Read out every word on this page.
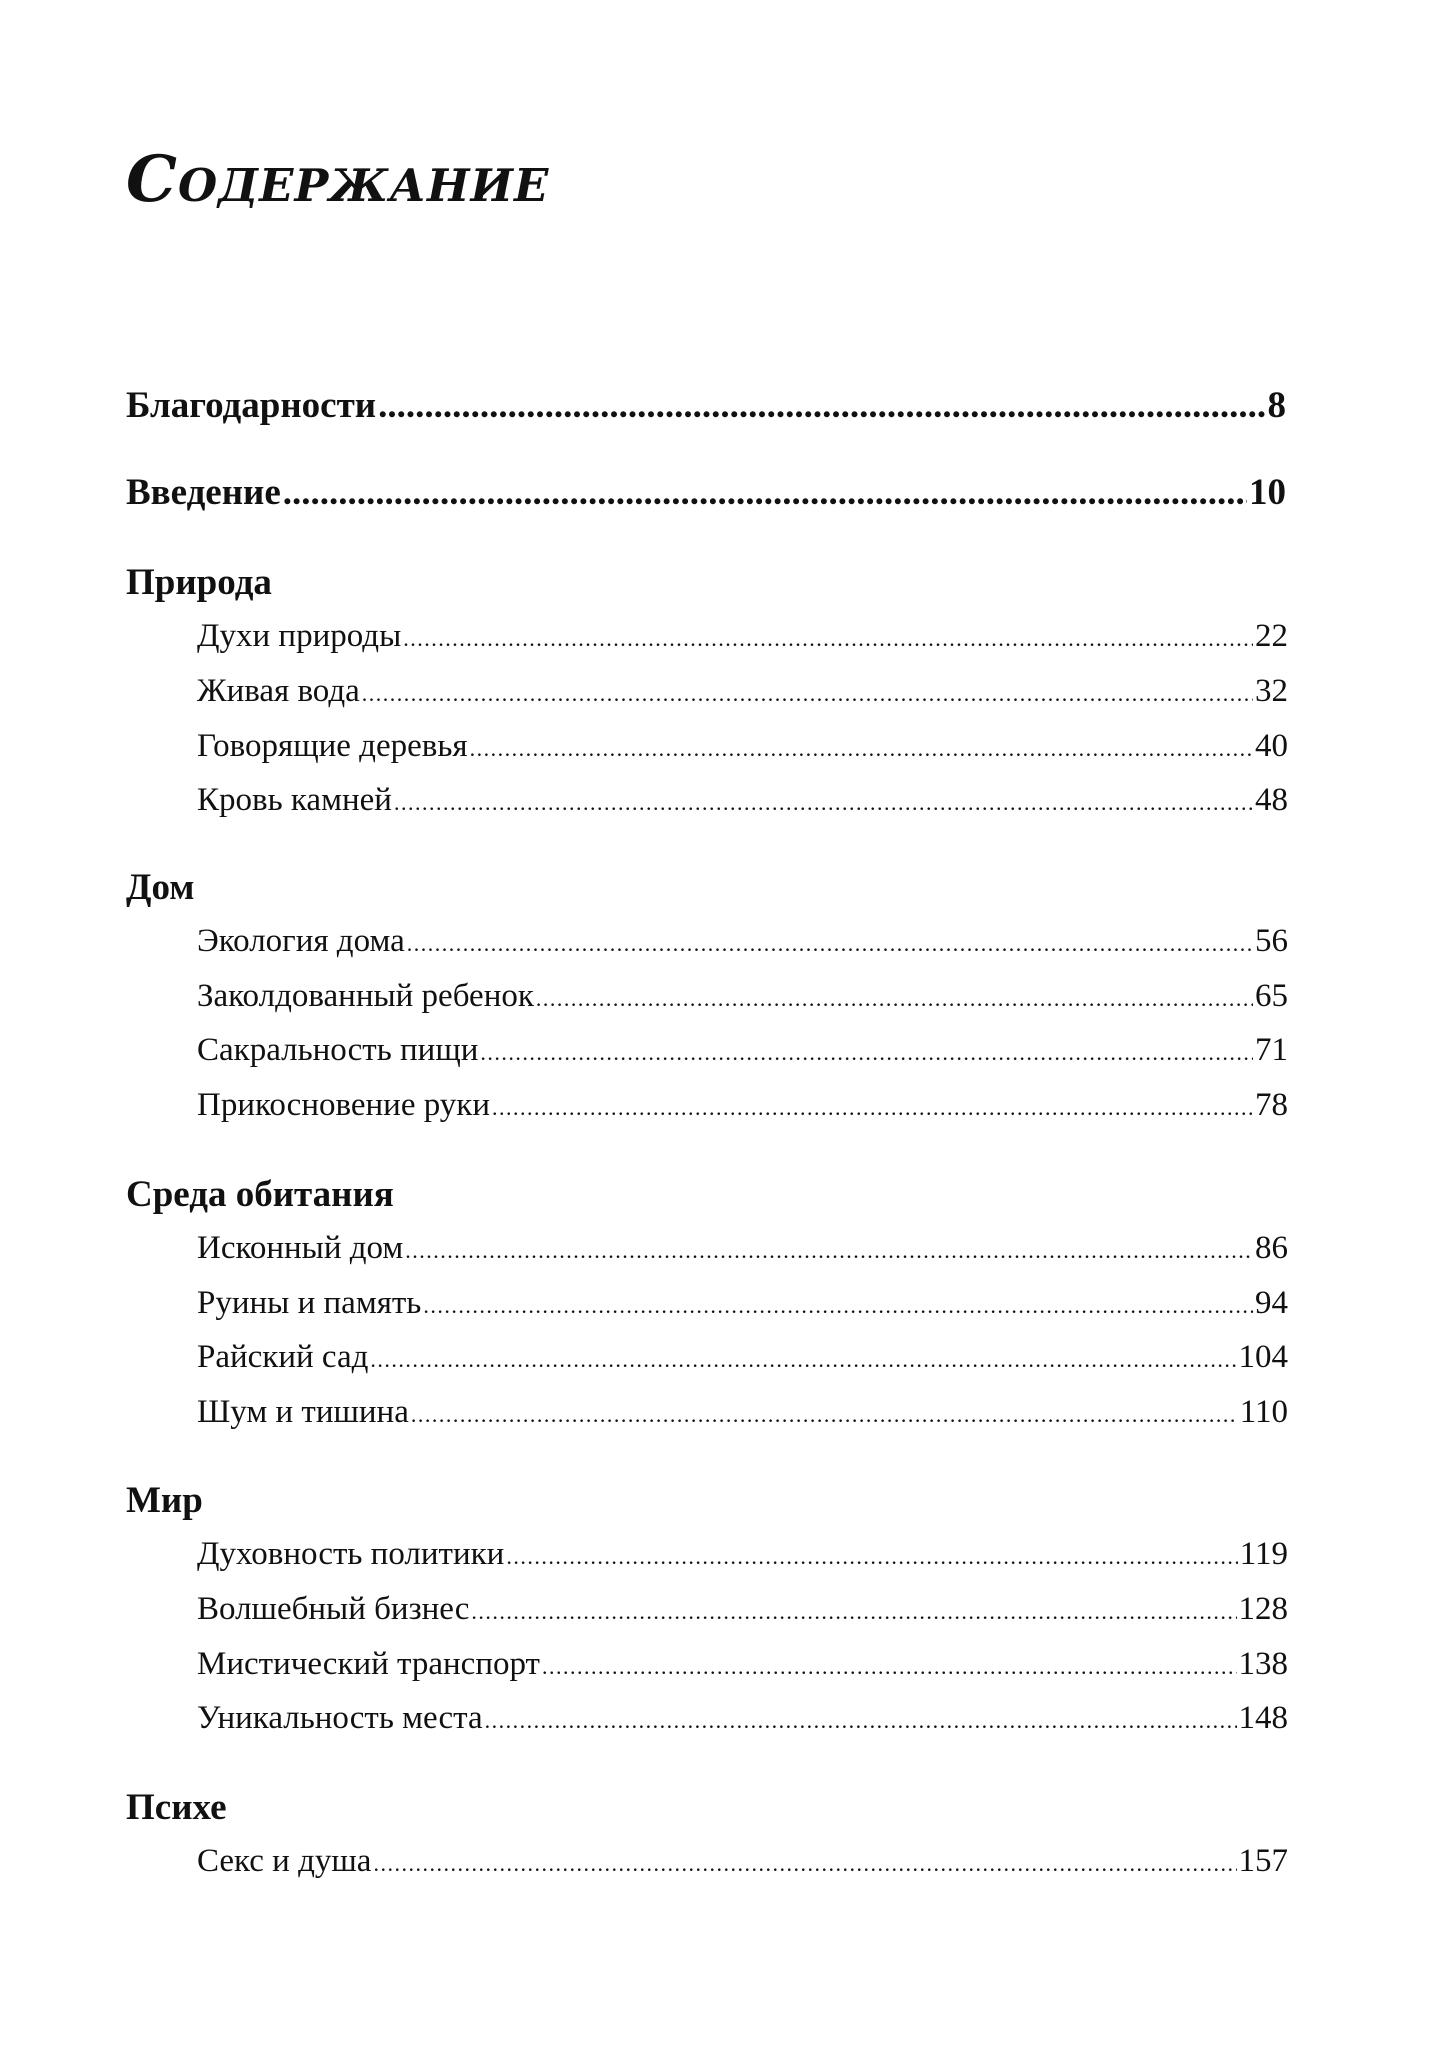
Содержание
Благодарности .....	8
Введение .....	10
Природа
Духи природы .....	22
Живая вода .....	32
Говорящие деревья .....	40
Кровь камней .....	48
Дом
Экология дома .....	56
Заколдованный ребенок .....	65
Сакральность пищи .....	71
Прикосновение руки .....	78
Среда обитания
Исконный дом .....	86
Руины и память .....	94
Райский сад .....	104
Шум и тишина .....	110
Мир
Духовность политики .....	119
Волшебный бизнес .....	128
Мистический транспорт .....	138
Уникальность места .....	148
Психе
Секс и душа .....	157
